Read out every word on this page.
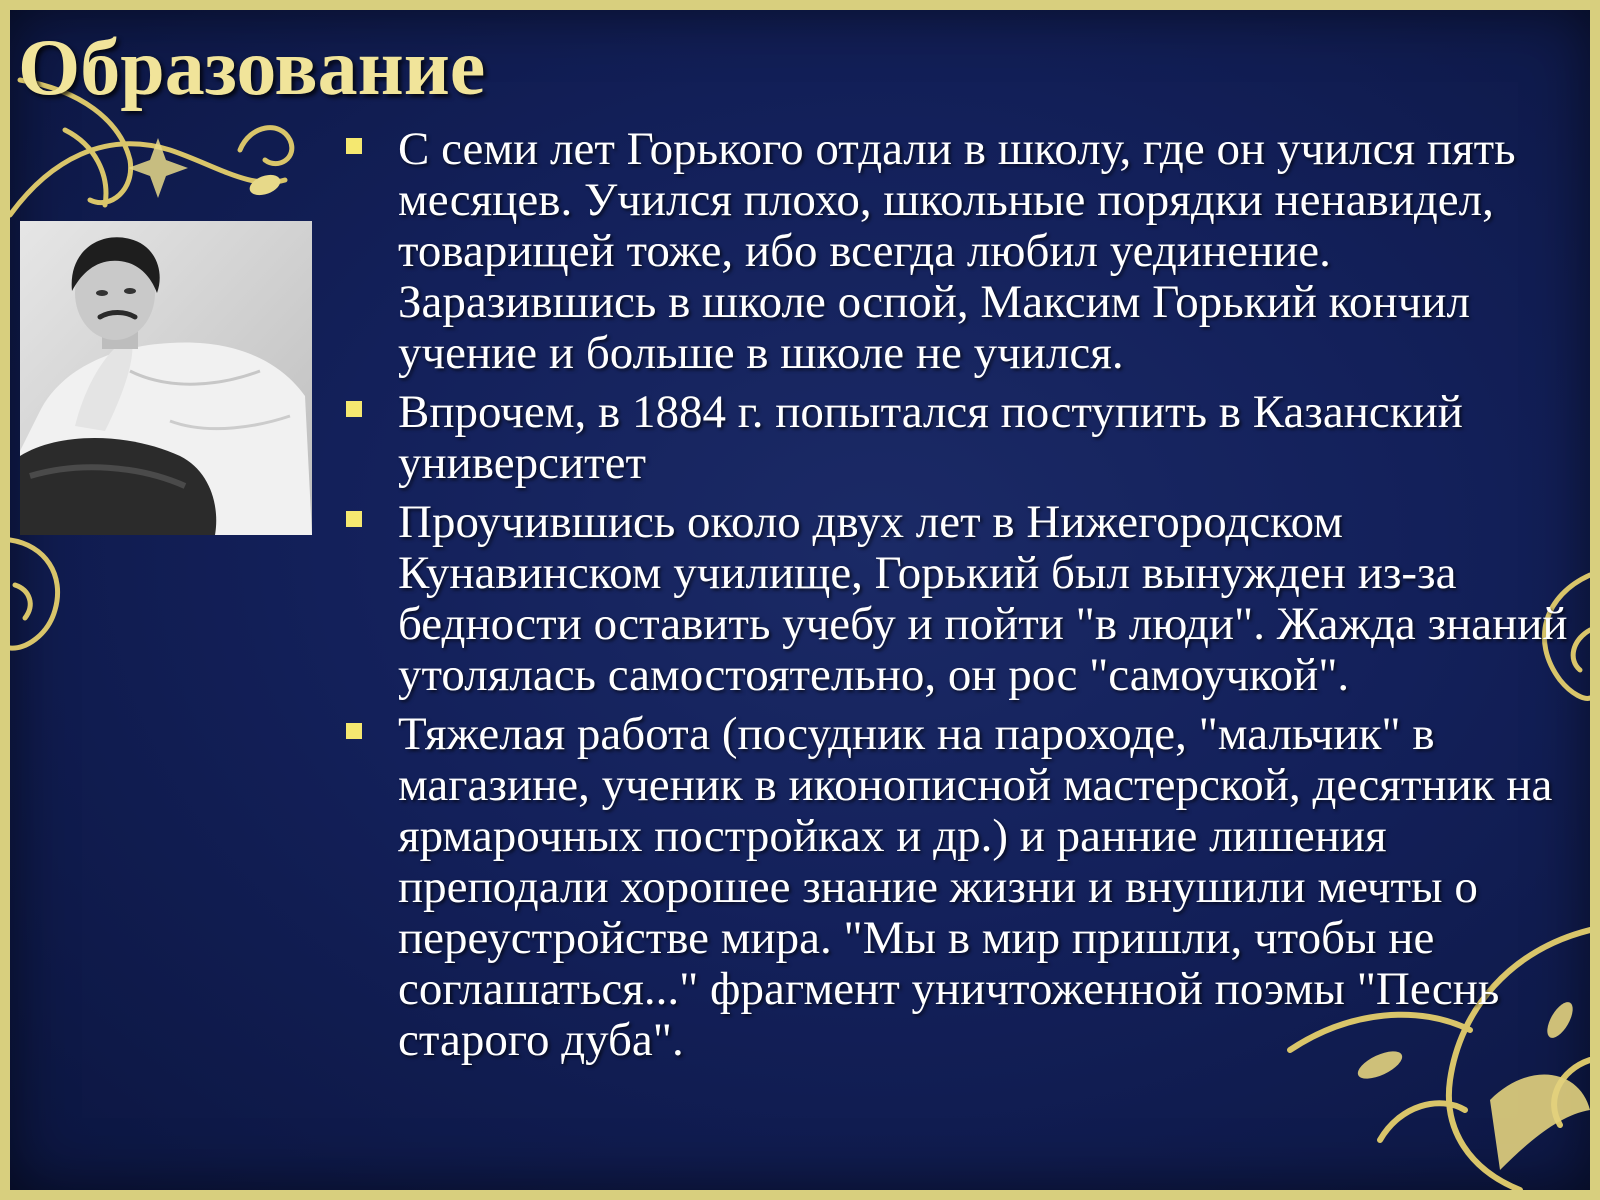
Образование
С семи лет Горького отдали в школу, где он учился пять месяцев. Учился плохо, школьные порядки ненавидел, товарищей тоже, ибо всегда любил уединение. Заразившись в школе оспой, Максим Горький кончил учение и больше в школе не учился.
Впрочем, в 1884 г. попытался поступить в Казанский университет
Проучившись около двух лет в Нижегородском Кунавинском училище, Горький был вынужден из-за бедности оставить учебу и пойти "в люди". Жажда знаний утолялась самостоятельно, он рос "самоучкой".
Тяжелая работа (посудник на пароходе, "мальчик" в магазине, ученик в иконописной мастерской, десятник на ярмарочных постройках и др.) и ранние лишения преподали хорошее знание жизни и внушили мечты о переустройстве мира. "Мы в мир пришли, чтобы не соглашаться..." фрагмент уничтоженной поэмы "Песнь старого дуба".
